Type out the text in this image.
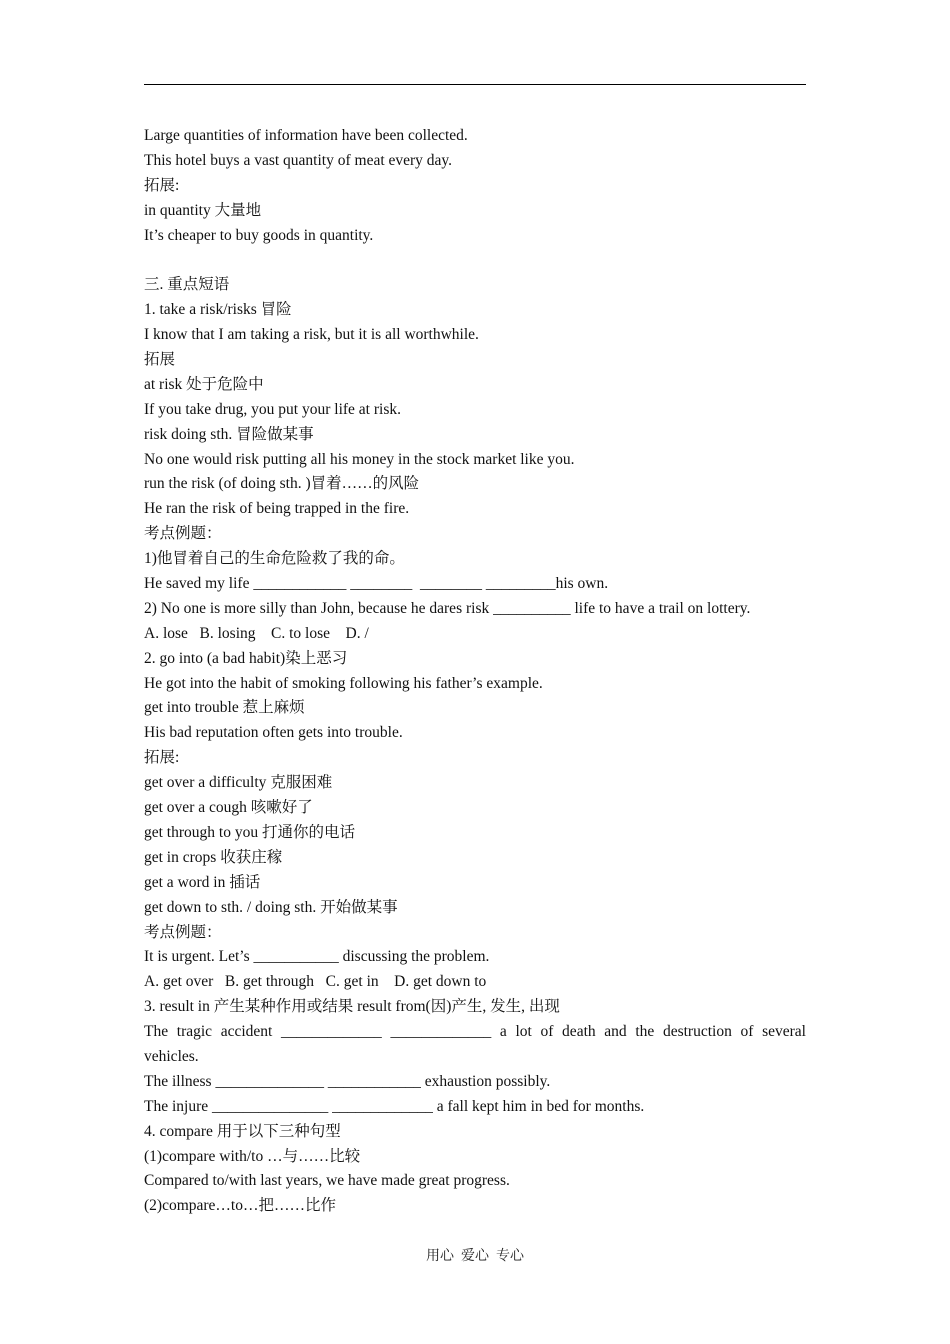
Large quantities of information have been collected.

This hotel buys a vast quantity of meat every day.

拓展:

in quantity 大量地

It’s cheaper to buy goods in quantity.

三. 重点短语

1. take a risk/risks 冒险

I know that I am taking a risk, but it is all worthwhile.

拓展

at risk 处于危险中

If you take drug, you put your life at risk.

risk doing sth. 冒险做某事

No one would risk putting all his money in the stock market like you.

run the risk (of doing sth. )冒着……的风险

He ran the risk of being trapped in the fire.

考点例题：

1)他冒着自己的生命危险救了我的命。

He saved my life ____________ ________  ________ _________his own.

2) No one is more silly than John, because he dares risk __________ life to have a trail on lottery.

A. lose   B. losing    C. to lose    D. /

2. go into (a bad habit)染上恶习

He got into the habit of smoking following his father’s example.

get into trouble 惹上麻烦

His bad reputation often gets into trouble.

拓展:

get over a difficulty 克服困难

get over a cough 咳嗽好了

get through to you 打通你的电话

get in crops 收获庄稼

get a word in 插话

get down to sth. / doing sth. 开始做某事

考点例题：

It is urgent. Let’s ___________ discussing the problem.

A. get over   B. get through   C. get in    D. get down to

3. result in 产生某种作用或结果 result from(因)产生, 发生, 出现

The tragic accident _____________ _____________ a lot of death and the destruction of several

vehicles.

The illness ______________ ____________ exhaustion possibly.

The injure _______________ _____________ a fall kept him in bed for months.

4. compare 用于以下三种句型

(1)compare with/to …与……比较

Compared to/with last years, we have made great progress.

(2)compare…to…把……比作

用心  爱心  专心
